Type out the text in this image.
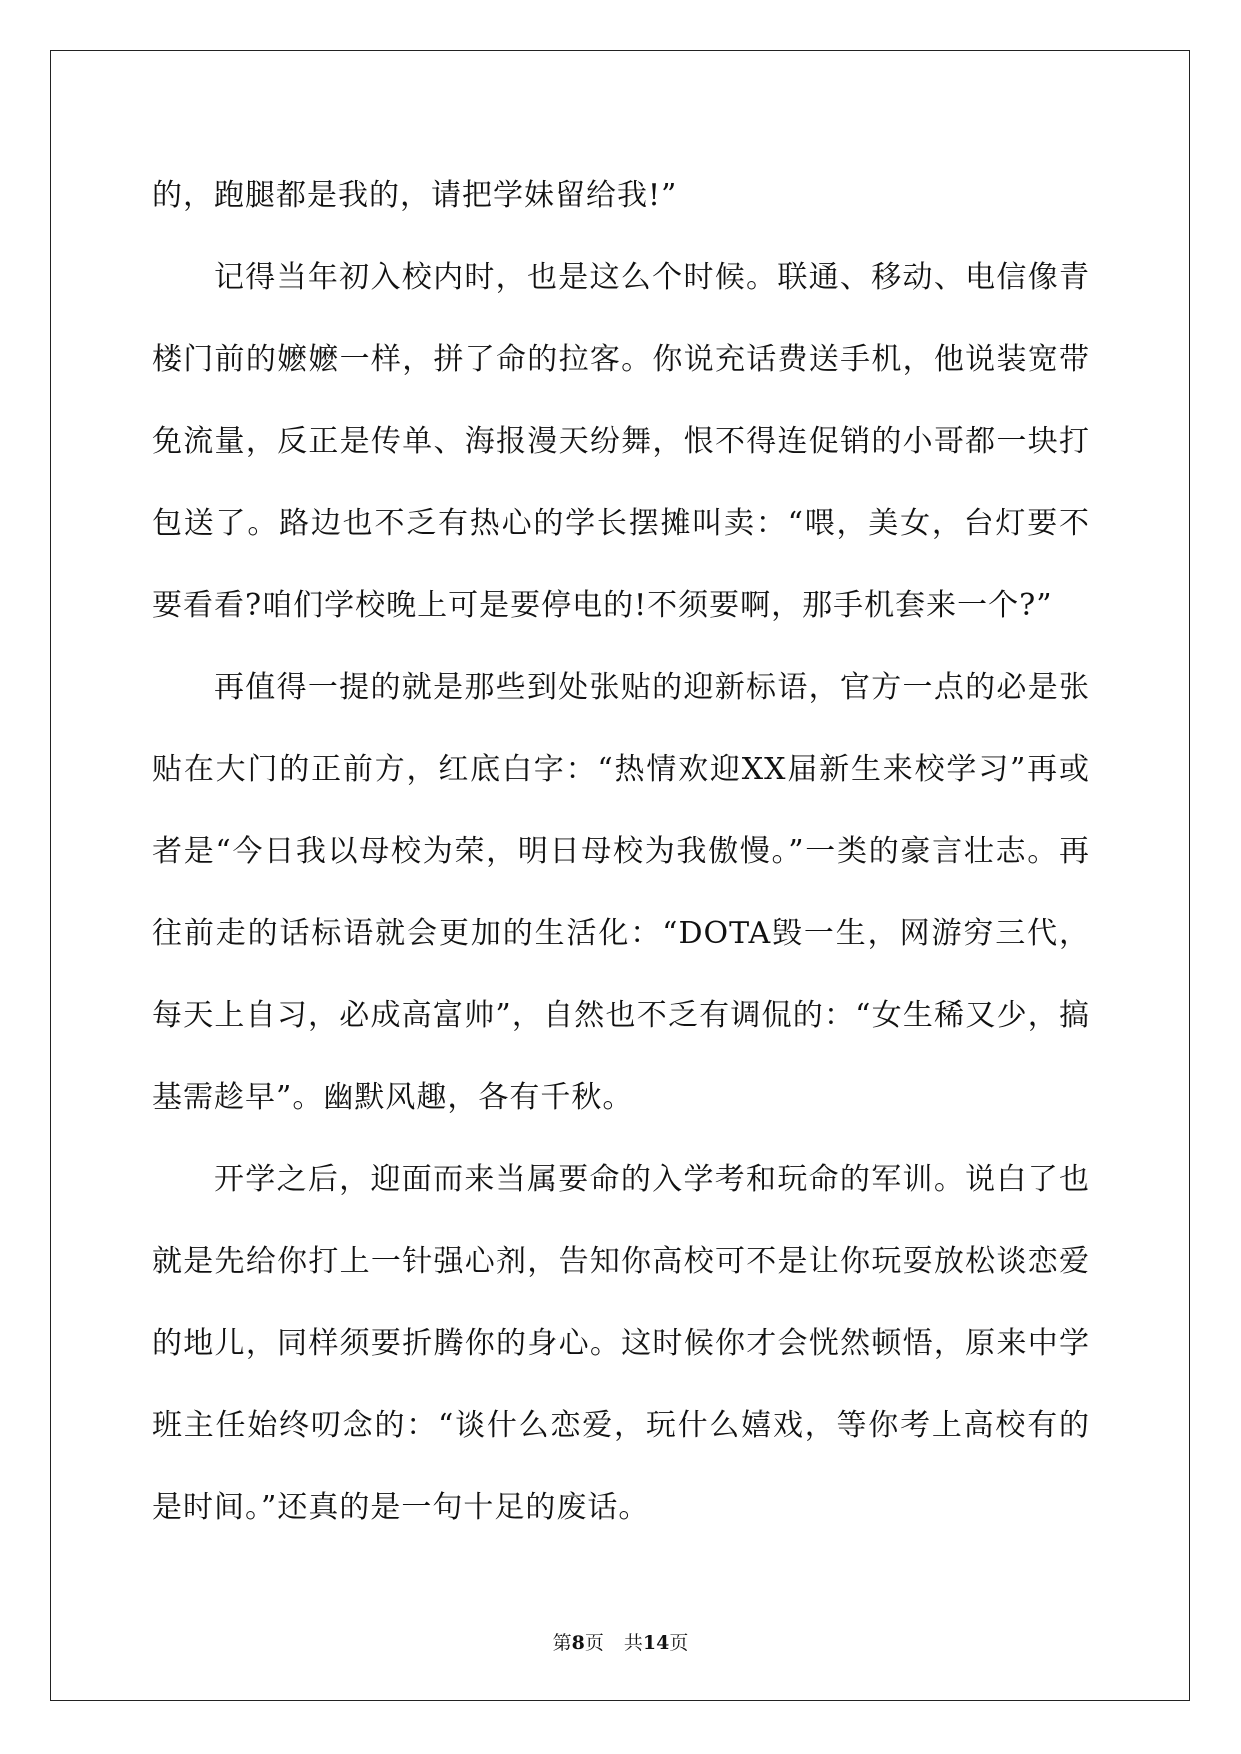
的，跑腿都是我的，请把学妹留给我!”

记得当年初入校内时，也是这么个时候。联通、移动、电信像青楼门前的嬷嬷一样，拼了命的拉客。你说充话费送手机，他说装宽带免流量，反正是传单、海报漫天纷舞，恨不得连促销的小哥都一块打包送了。路边也不乏有热心的学长摆摊叫卖：“喂，美女，台灯要不要看看?咱们学校晚上可是要停电的!不须要啊，那手机套来一个?”

再值得一提的就是那些到处张贴的迎新标语，官方一点的必是张贴在大门的正前方，红底白字：“热情欢迎XX届新生来校学习”再或者是“今日我以母校为荣，明日母校为我傲慢。”一类的豪言壮志。再往前走的话标语就会更加的生活化：“DOTA毁一生，网游穷三代，每天上自习，必成高富帅”，自然也不乏有调侃的：“女生稀又少，搞基需趁早”。幽默风趣，各有千秋。

开学之后，迎面而来当属要命的入学考和玩命的军训。说白了也就是先给你打上一针强心剂，告知你高校可不是让你玩耍放松谈恋爱的地儿，同样须要折腾你的身心。这时候你才会恍然顿悟，原来中学班主任始终叨念的：“谈什么恋爱，玩什么嬉戏，等你考上高校有的是时间。”还真的是一句十足的废话。

第8页 共14页
